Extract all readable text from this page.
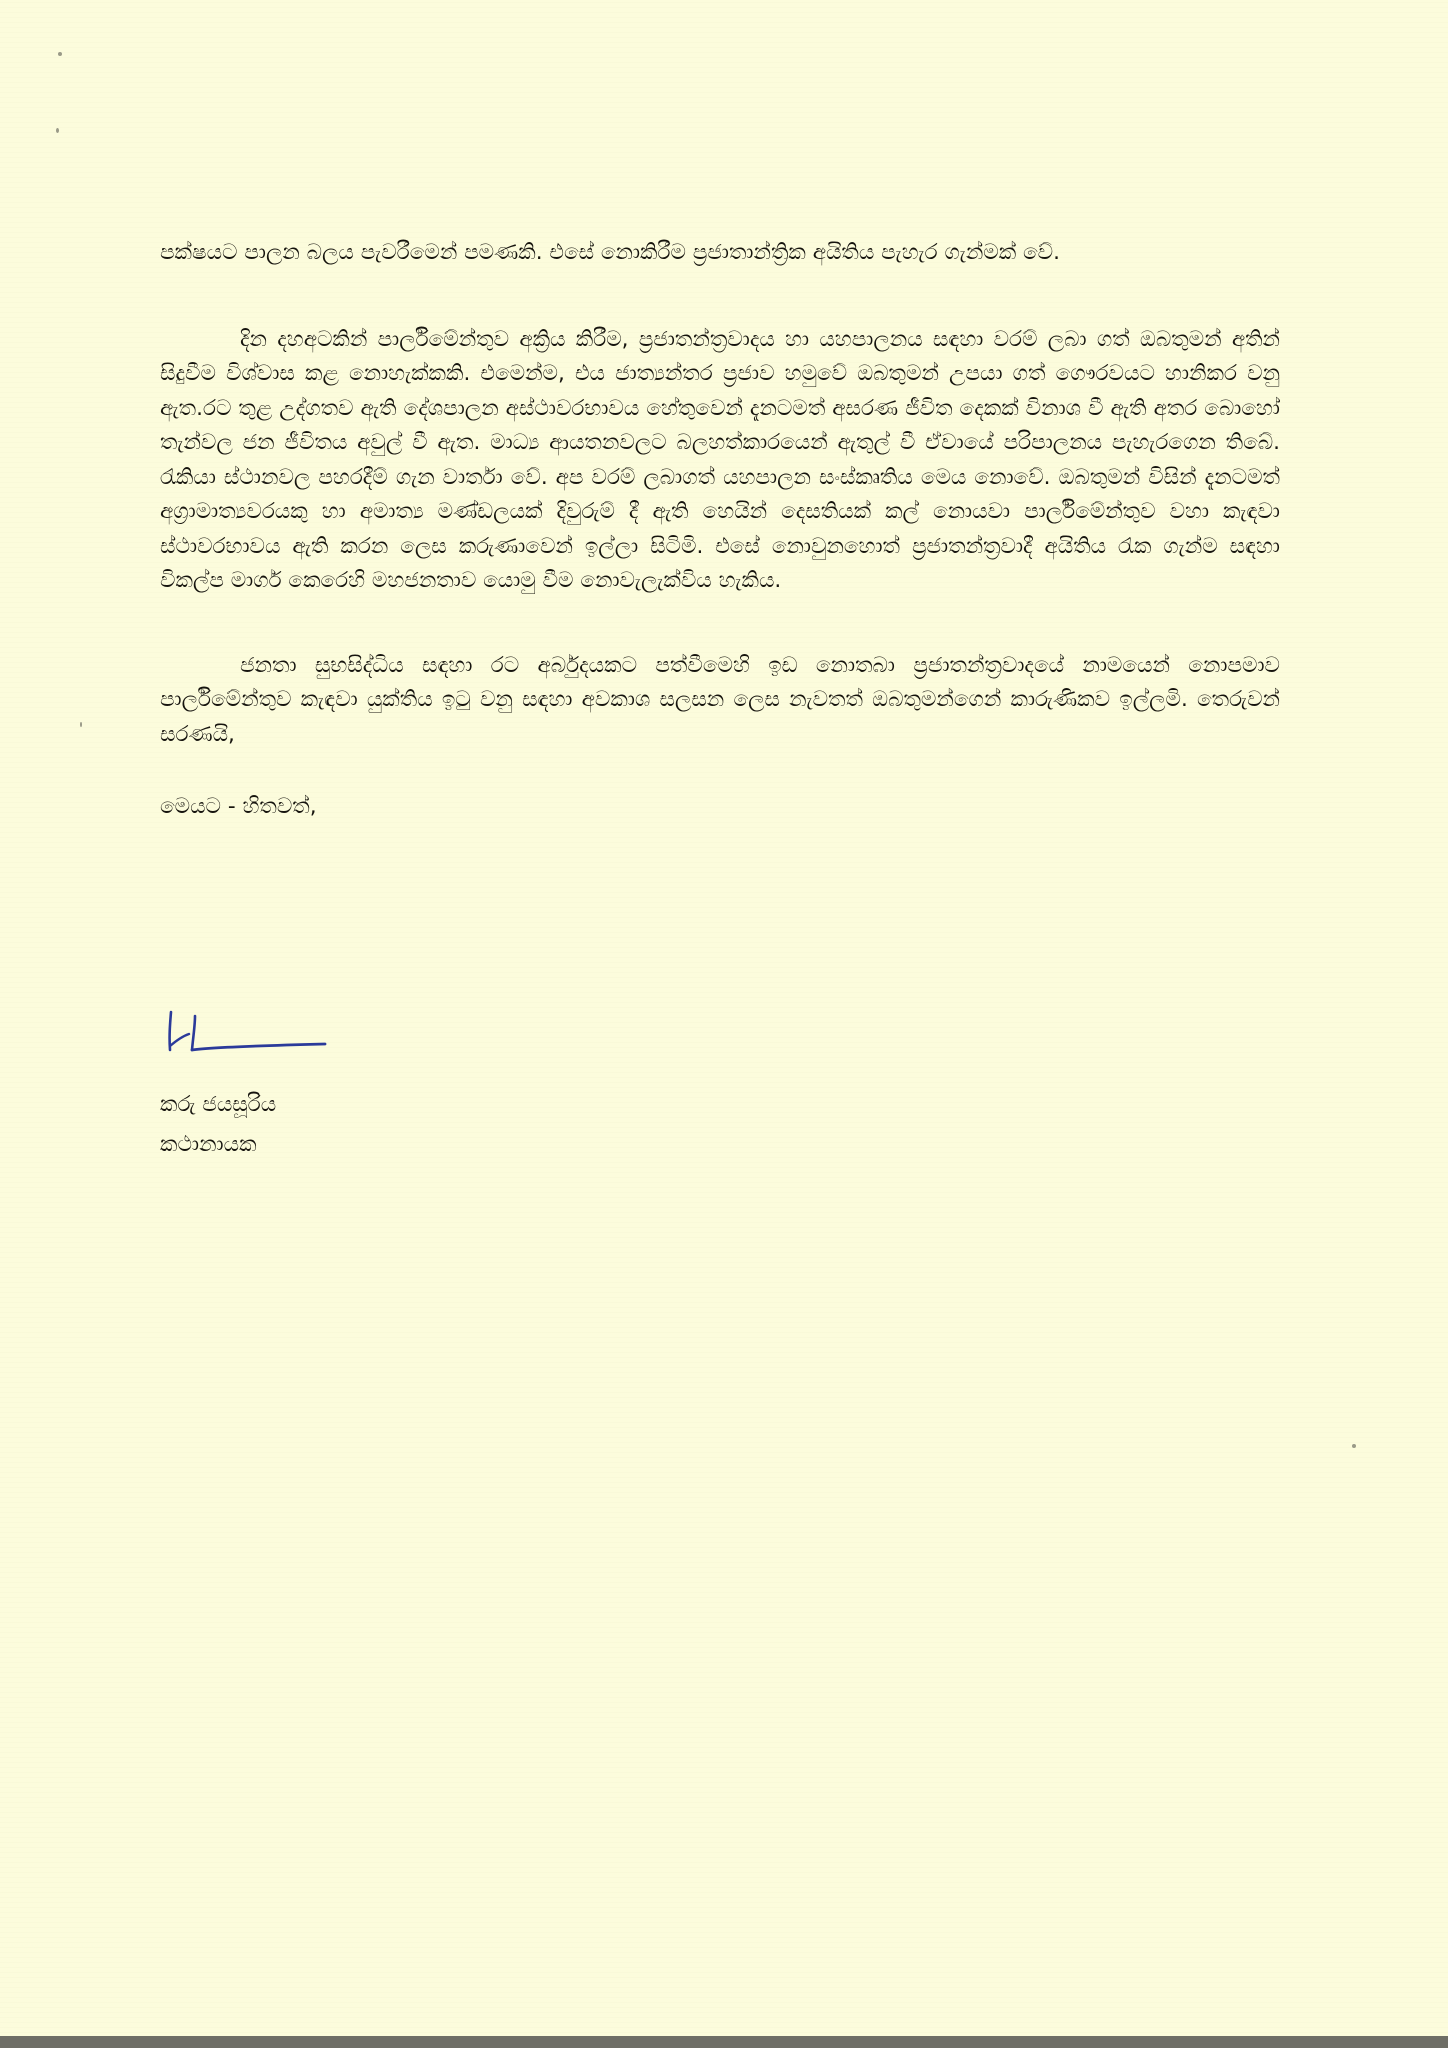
පක්ෂයට පාලන බලය පැවරීමෙන් පමණකි. එසේ නොකිරීම ප්‍රජාතාන්ත්‍රික අයිතිය පැහැර ගැන්මක් වේ.

දින දහඅටකින් පාර්ලිමේන්තුව අක්‍රිය කිරීම, ප්‍රජාතන්ත්‍රවාදය හා යහපාලනය සඳහා වරම් ලබා ගත් ඔබතුමන් අතින් සිදුවීම විශ්වාස කළ නොහැක්කකි. එමෙන්ම, එය ජාත්‍යන්තර ප්‍රජාව හමුවේ ඔබතුමන් උපයා ගත් ගෞරවයට හානිකර වනු ඇත.රට තුළ උද්ගතව ඇති දේශපාලන අස්ථාවරභාවය හේතුවෙන් දැනටමත් අසරණ ජීවිත දෙකක් විනාශ වී ඇති අතර බොහෝ තැන්වල ජන ජීවිතය අවුල් වී ඇත. මාධ්‍ය ආයතනවලට බලහත්කාරයෙන් ඇතුල් වී ඒවායේ පරිපාලනය පැහැරගෙන තිබේ. රැකියා ස්ථානවල පහරදීම් ගැන වාර්තා වේ. අප වරම් ලබාගත් යහපාලන සංස්කෘතිය මෙය නොවේ. ඔබතුමන් විසින් දැනටමත් අග්‍රාමාත්‍යවරයකු හා අමාත්‍ය මණ්ඩලයක් දිවුරුම් දී ඇති හෙයින් දෙසතියක් කල් නොයවා පාර්ලිමේන්තුව වහා කැඳවා ස්ථාවරභාවය ඇති කරන ලෙස කරුණාවෙන් ඉල්ලා සිටිමි. එසේ නොවුනහොත් ප්‍රජාතන්ත්‍රවාදී අයිතිය රැක ගැන්ම සඳහා විකල්ප මාර්ග කෙරෙහි මහජනතාව යොමු වීම නොවැලැක්විය හැකිය.

ජනතා සුභසිද්ධිය සඳහා රට අර්බුදයකට පත්වීමෙහි ඉඩ නොතබා ප්‍රජාතන්ත්‍රවාදයේ නාමයෙන් නොපමාව පාර්ලිමේන්තුව කැඳවා යුක්තිය ඉටු වනු සඳහා අවකාශ සලසන ලෙස නැවතත් ඔබතුමන්ගෙන් කාරුණිකව ඉල්ලමි. තෙරුවන් සරණයි,

මෙයට - හිතවත්,

කරු ජයසූරිය
කථානායක
